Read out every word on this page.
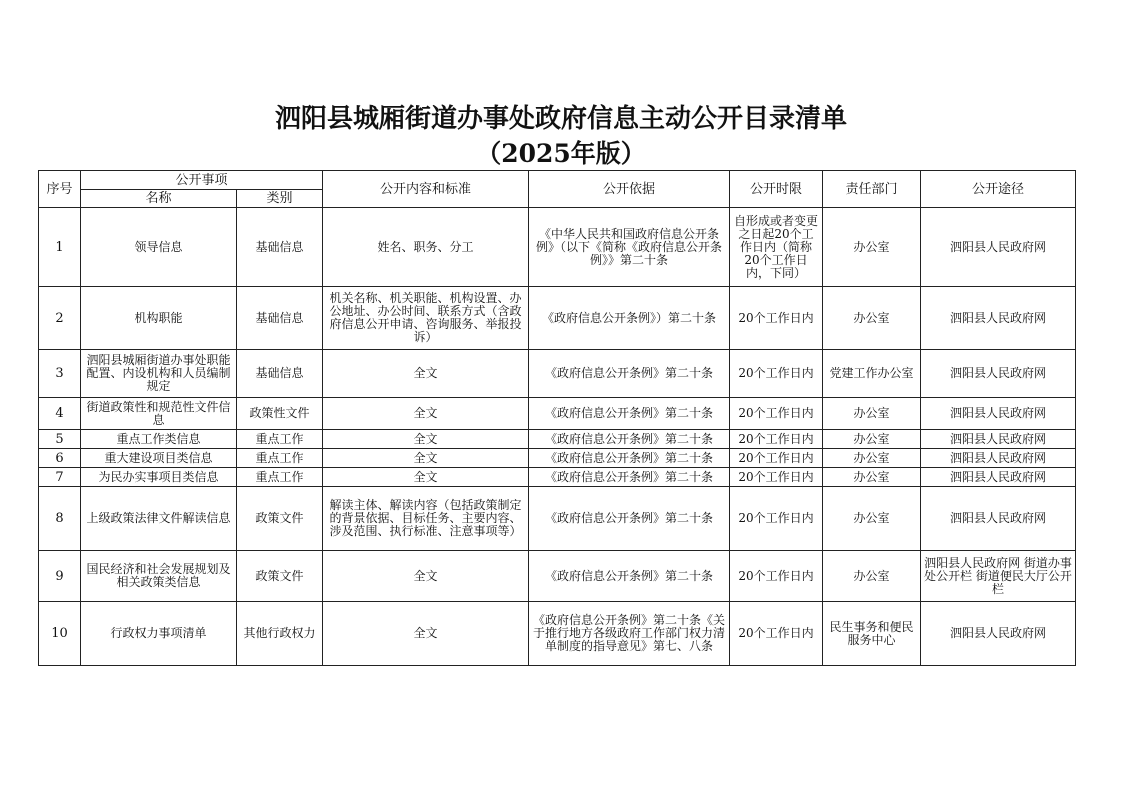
泗阳县城厢街道办事处政府信息主动公开目录清单
（2025年版）
序号	公开事项		公开内容和标准	公开依据	公开时限	责任部门	公开途径
	名称	类别					
1	领导信息	基础信息	姓名、职务、分工	《中华人民共和国政府信息公开条例》（以下《简称《政府信息公开条例》》第二十条	自形成或者变更之日起20个工作日内（简称20个工作日内，下同）	办公室	泗阳县人民政府网
2	机构职能	基础信息	机关名称、机关职能、机构设置、办公地址、办公时间、联系方式（含政府信息公开申请、咨询服务、举报投诉）	《政府信息公开条例》）第二十条	20个工作日内	办公室	泗阳县人民政府网
3	泗阳县城厢街道办事处职能配置、内设机构和人员编制规定	基础信息	全文	《政府信息公开条例》第二十条	20个工作日内	党建工作办公室	泗阳县人民政府网
4	街道政策性和规范性文件信息	政策性文件	全文	《政府信息公开条例》第二十条	20个工作日内	办公室	泗阳县人民政府网
5	重点工作类信息	重点工作	全文	《政府信息公开条例》第二十条	20个工作日内	办公室	泗阳县人民政府网
6	重大建设项目类信息	重点工作	全文	《政府信息公开条例》第二十条	20个工作日内	办公室	泗阳县人民政府网
7	为民办实事项目类信息	重点工作	全文	《政府信息公开条例》第二十条	20个工作日内	办公室	泗阳县人民政府网
8	上级政策法律文件解读信息	政策文件	解读主体、解读内容（包括政策制定的背景依据、目标任务、主要内容、涉及范围、执行标准、注意事项等）	《政府信息公开条例》第二十条	20个工作日内	办公室	泗阳县人民政府网
9	国民经济和社会发展规划及相关政策类信息	政策文件	全文	《政府信息公开条例》第二十条	20个工作日内	办公室	泗阳县人民政府网 街道办事处公开栏 街道便民大厅公开栏
10	行政权力事项清单	其他行政权力	全文	《政府信息公开条例》第二十条《关于推行地方各级政府工作部门权力清单制度的指导意见》第七、八条	20个工作日内	民生事务和便民服务中心	泗阳县人民政府网
